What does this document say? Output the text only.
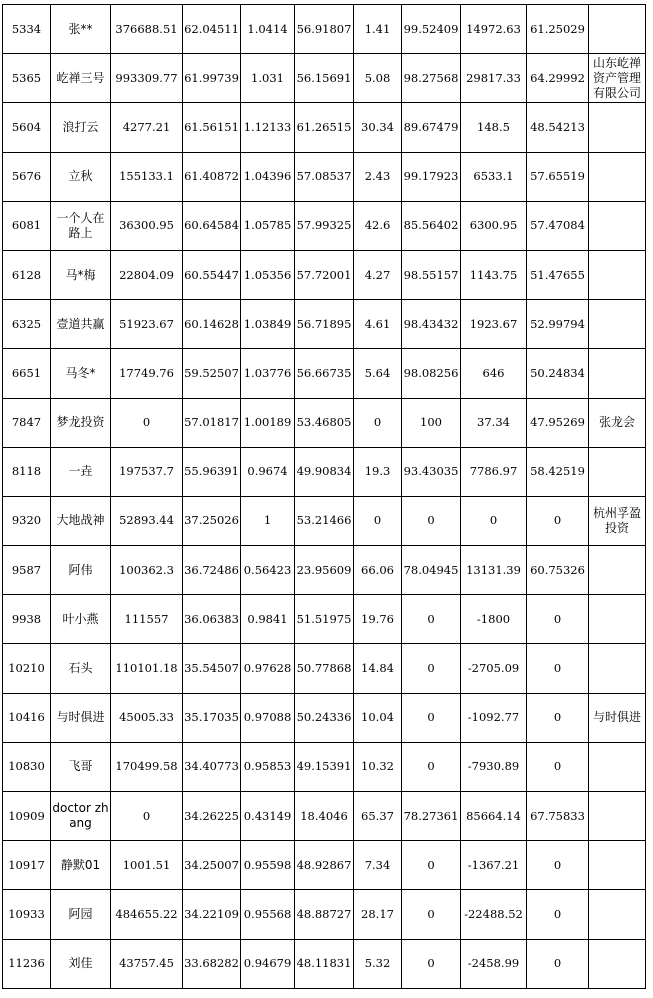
5334	张**	376688.51	62.04511	1.0414	56.91807	1.41	99.52409	14972.63	61.25029	
5365	屹禅三号	993309.77	61.99739	1.031	56.15691	5.08	98.27568	29817.33	64.29992	山东屹禅资产管理有限公司
5604	浪打云	4277.21	61.56151	1.12133	61.26515	30.34	89.67479	148.5	48.54213	
5676	立秋	155133.1	61.40872	1.04396	57.08537	2.43	99.17923	6533.1	57.65519	
6081	一个人在路上	36300.95	60.64584	1.05785	57.99325	42.6	85.56402	6300.95	57.47084	
6128	马*梅	22804.09	60.55447	1.05356	57.72001	4.27	98.55157	1143.75	51.47655	
6325	壹道共赢	51923.67	60.14628	1.03849	56.71895	4.61	98.43432	1923.67	52.99794	
6651	马冬*	17749.76	59.52507	1.03776	56.66735	5.64	98.08256	646	50.24834	
7847	梦龙投资	0	57.01817	1.00189	53.46805	0	100	37.34	47.95269	张龙会
8118	一垚	197537.7	55.96391	0.9674	49.90834	19.3	93.43035	7786.97	58.42519	
9320	大地战神	52893.44	37.25026	1	53.21466	0	0	0	0	杭州孚盈投资
9587	阿伟	100362.3	36.72486	0.56423	23.95609	66.06	78.04945	13131.39	60.75326	
9938	叶小燕	111557	36.06383	0.9841	51.51975	19.76	0	-1800	0	
10210	石头	110101.18	35.54507	0.97628	50.77868	14.84	0	-2705.09	0	
10416	与时俱进	45005.33	35.17035	0.97088	50.24336	10.04	0	-1092.77	0	与时俱进
10830	飞哥	170499.58	34.40773	0.95853	49.15391	10.32	0	-7930.89	0	
10909	doctor zhang	0	34.26225	0.43149	18.4046	65.37	78.27361	85664.14	67.75833	
10917	静默01	1001.51	34.25007	0.95598	48.92867	7.34	0	-1367.21	0	
10933	阿园	484655.22	34.22109	0.95568	48.88727	28.17	0	-22488.52	0	
11236	刘佳	43757.45	33.68282	0.94679	48.11831	5.32	0	-2458.99	0	
